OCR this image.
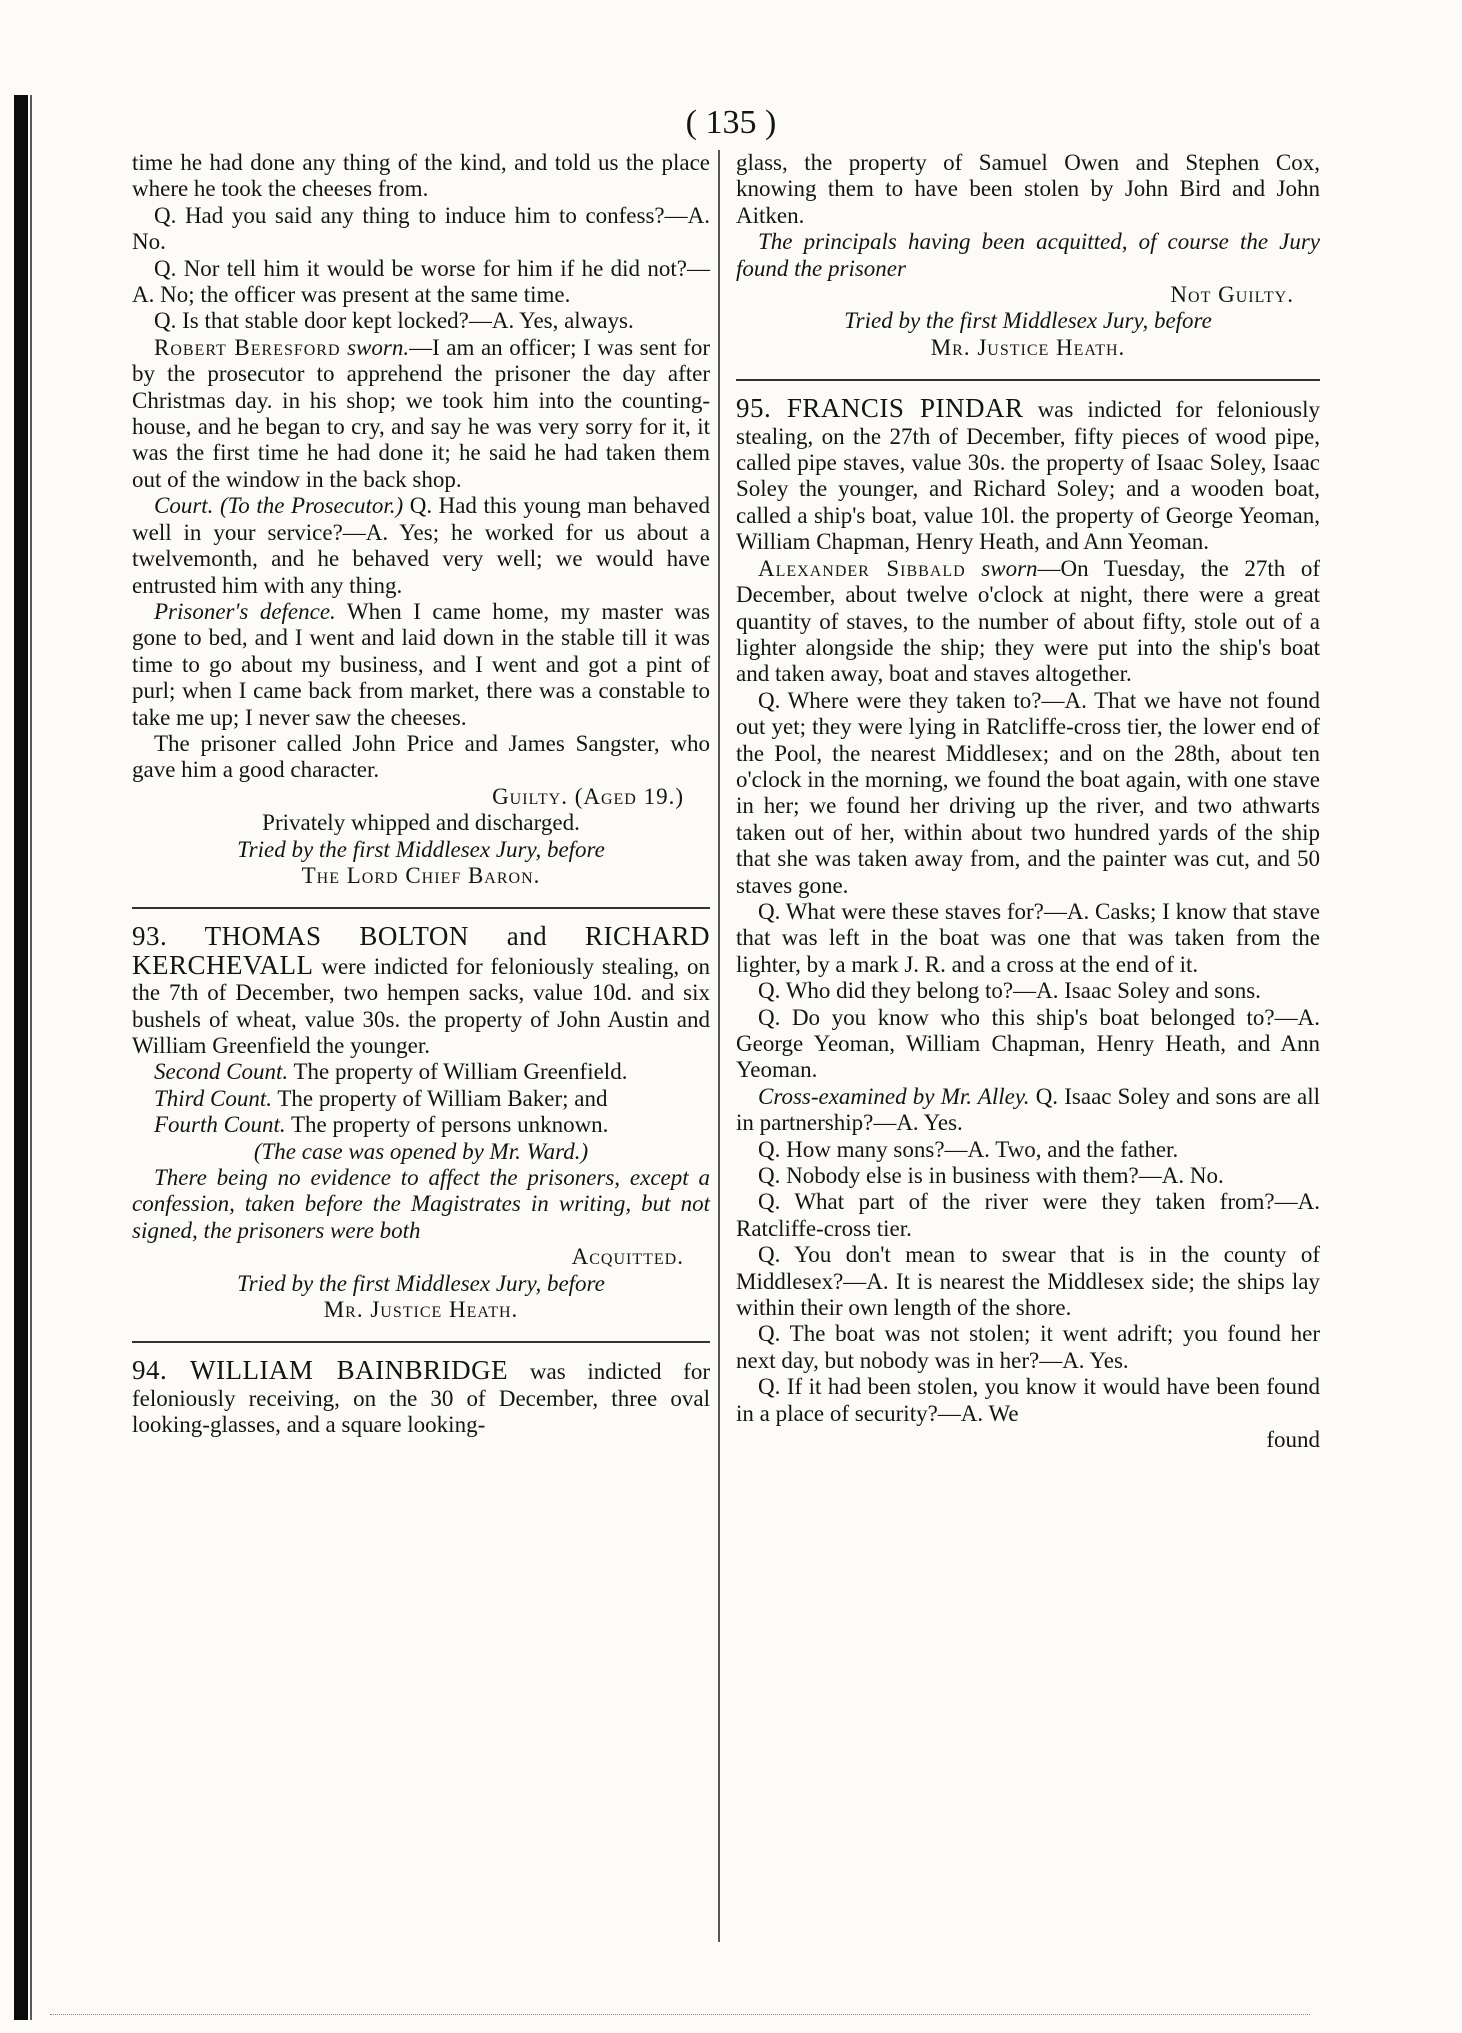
( 135 )

time he had done any thing of the kind, and told us the place where he took the cheeses from.

Q. Had you said any thing to induce him to confess?—A. No.

Q. Nor tell him it would be worse for him if he did not?—A. No; the officer was present at the same time.

Q. Is that stable door kept locked?—A. Yes, always.

Robert Beresford sworn.—I am an officer; I was sent for by the prosecutor to apprehend the prisoner the day after Christmas day. in his shop; we took him into the counting-house, and he began to cry, and say he was very sorry for it, it was the first time he had done it; he said he had taken them out of the window in the back shop.

Court. (To the Prosecutor.) Q. Had this young man behaved well in your service?—A. Yes; he worked for us about a twelvemonth, and he behaved very well; we would have entrusted him with any thing.

Prisoner's defence. When I came home, my master was gone to bed, and I went and laid down in the stable till it was time to go about my business, and I went and got a pint of purl; when I came back from market, there was a constable to take me up; I never saw the cheeses.

The prisoner called John Price and James Sangster, who gave him a good character.

Guilty. (Aged 19.)

Privately whipped and discharged.

Tried by the first Middlesex Jury, before

The Lord Chief Baron.

93. THOMAS BOLTON and RICHARD KERCHEVALL were indicted for feloniously stealing, on the 7th of December, two hempen sacks, value 10d. and six bushels of wheat, value 30s. the property of John Austin and William Greenfield the younger.

Second Count. The property of William Greenfield.

Third Count. The property of William Baker; and

Fourth Count. The property of persons unknown.

(The case was opened by Mr. Ward.)

There being no evidence to affect the prisoners, except a confession, taken before the Magistrates in writing, but not signed, the prisoners were both

Acquitted.

Tried by the first Middlesex Jury, before

Mr. Justice Heath.

94. WILLIAM BAINBRIDGE was indicted for feloniously receiving, on the 30 of December, three oval looking-glasses, and a square looking-

glass, the property of Samuel Owen and Stephen Cox, knowing them to have been stolen by John Bird and John Aitken.

The principals having been acquitted, of course the Jury found the prisoner

Not Guilty.

Tried by the first Middlesex Jury, before

Mr. Justice Heath.

95. FRANCIS PINDAR was indicted for feloniously stealing, on the 27th of December, fifty pieces of wood pipe, called pipe staves, value 30s. the property of Isaac Soley, Isaac Soley the younger, and Richard Soley; and a wooden boat, called a ship's boat, value 10l. the property of George Yeoman, William Chapman, Henry Heath, and Ann Yeoman.

Alexander Sibbald sworn—On Tuesday, the 27th of December, about twelve o'clock at night, there were a great quantity of staves, to the number of about fifty, stole out of a lighter alongside the ship; they were put into the ship's boat and taken away, boat and staves altogether.

Q. Where were they taken to?—A. That we have not found out yet; they were lying in Ratcliffe-cross tier, the lower end of the Pool, the nearest Middlesex; and on the 28th, about ten o'clock in the morning, we found the boat again, with one stave in her; we found her driving up the river, and two athwarts taken out of her, within about two hundred yards of the ship that she was taken away from, and the painter was cut, and 50 staves gone.

Q. What were these staves for?—A. Casks; I know that stave that was left in the boat was one that was taken from the lighter, by a mark J. R. and a cross at the end of it.

Q. Who did they belong to?—A. Isaac Soley and sons.

Q. Do you know who this ship's boat belonged to?—A. George Yeoman, William Chapman, Henry Heath, and Ann Yeoman.

Cross-examined by Mr. Alley. Q. Isaac Soley and sons are all in partnership?—A. Yes.

Q. How many sons?—A. Two, and the father.

Q. Nobody else is in business with them?—A. No.

Q. What part of the river were they taken from?—A. Ratcliffe-cross tier.

Q. You don't mean to swear that is in the county of Middlesex?—A. It is nearest the Middlesex side; the ships lay within their own length of the shore.

Q. The boat was not stolen; it went adrift; you found her next day, but nobody was in her?—A. Yes.

Q. If it had been stolen, you know it would have been found in a place of security?—A. We

found
